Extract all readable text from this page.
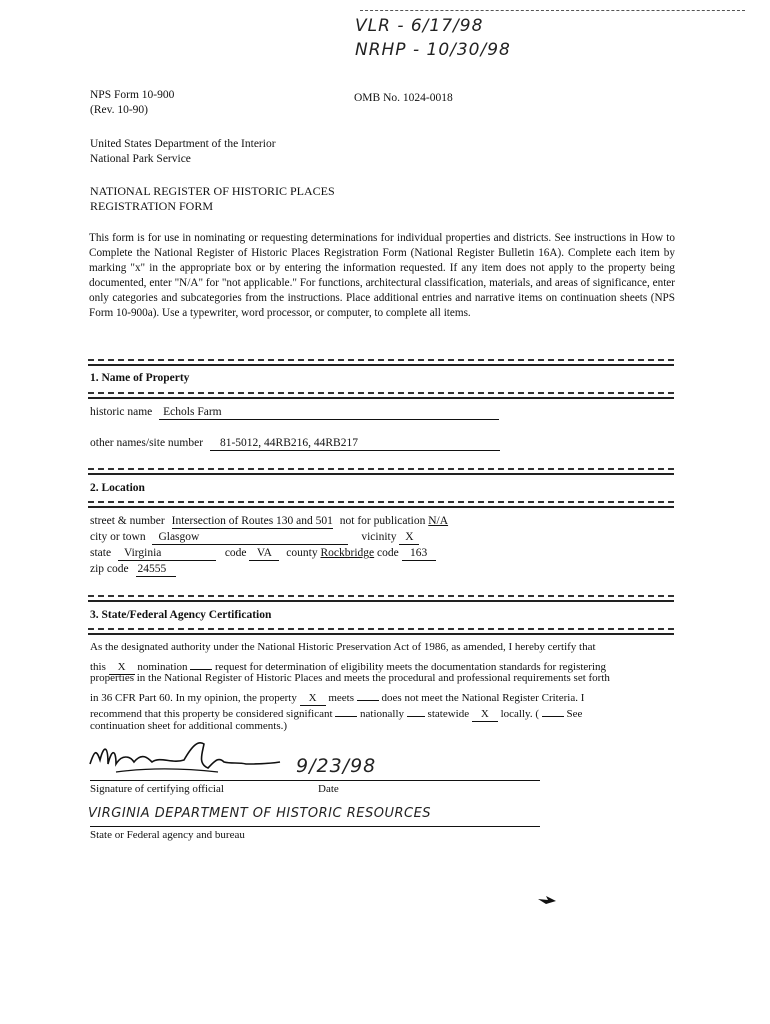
VLR - 6/17/98
NRHP - 10/30/98
NPS Form 10-900
(Rev. 10-90)
OMB No. 1024-0018
United States Department of the Interior
National Park Service
NATIONAL REGISTER OF HISTORIC PLACES
REGISTRATION FORM
This form is for use in nominating or requesting determinations for individual properties and districts. See instructions in How to Complete the National Register of Historic Places Registration Form (National Register Bulletin 16A). Complete each item by marking "x" in the appropriate box or by entering the information requested. If any item does not apply to the property being documented, enter "N/A" for "not applicable." For functions, architectural classification, materials, and areas of significance, enter only categories and subcategories from the instructions. Place additional entries and narrative items on continuation sheets (NPS Form 10-900a). Use a typewriter, word processor, or computer, to complete all items.
1. Name of Property
historic name Echols Farm
other names/site number 81-5012, 44RB216, 44RB217
2. Location
street & number Intersection of Routes 130 and 501 not for publication N/A
city or town Glasgow	vicinity X
state Virginia	code VA county Rockbridge code 163
zip code 24555
3. State/Federal Agency Certification
As the designated authority under the National Historic Preservation Act of 1986, as amended, I hereby certify that
this X nomination	request for determination of eligibility meets the documentation standards for registering
properties in the National Register of Historic Places and meets the procedural and professional requirements set forth
in 36 CFR Part 60. In my opinion, the property X meets	does not meet the National Register Criteria. I
recommend that this property be considered significant	nationally statewide X locally. (	See
continuation sheet for additional comments.)
9/23/98
Signature of certifying official	Date
VIRGINIA DEPARTMENT OF HISTORIC RESOURCES
State or Federal agency and bureau
